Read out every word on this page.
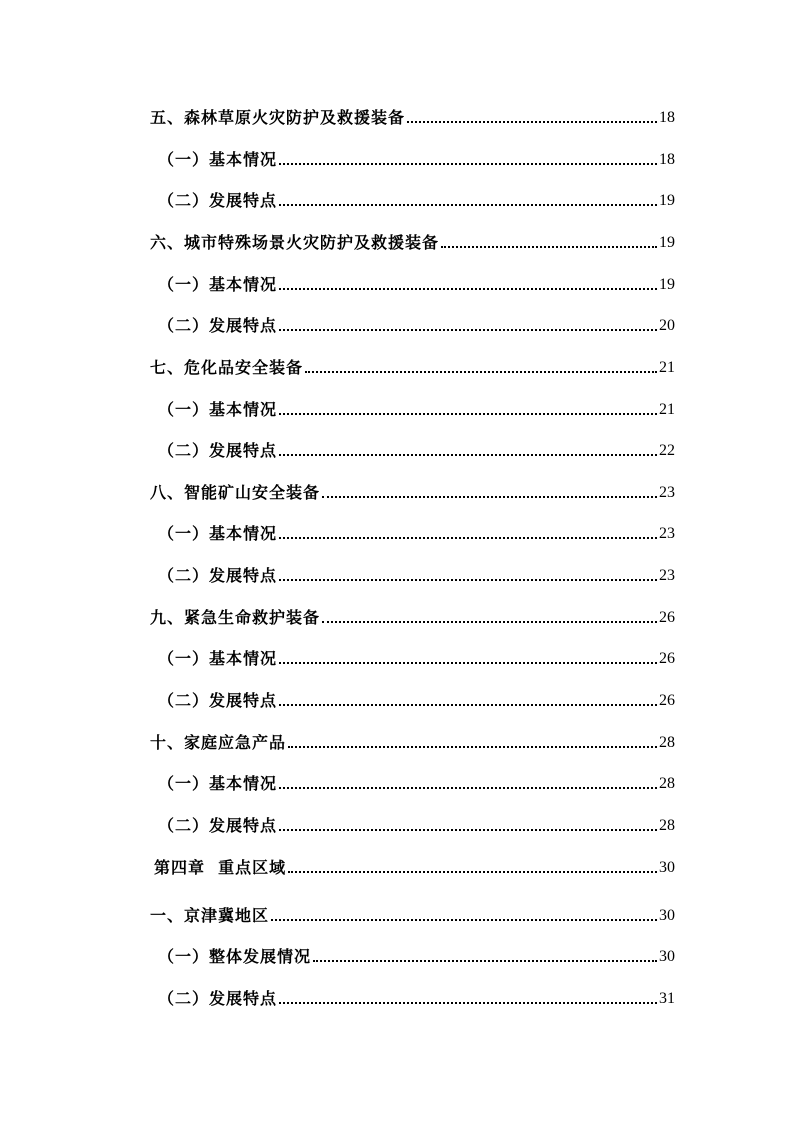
五、森林草原火灾防护及救援装备	18
（一）基本情况	18
（二）发展特点	19
六、城市特殊场景火灾防护及救援装备	19
（一）基本情况	19
（二）发展特点	20
七、危化品安全装备	21
（一）基本情况	21
（二）发展特点	22
八、智能矿山安全装备	23
（一）基本情况	23
（二）发展特点	23
九、紧急生命救护装备	26
（一）基本情况	26
（二）发展特点	26
十、家庭应急产品	28
（一）基本情况	28
（二）发展特点	28
第四章  重点区域	30
一、京津冀地区	30
（一）整体发展情况	30
（二）发展特点	31
